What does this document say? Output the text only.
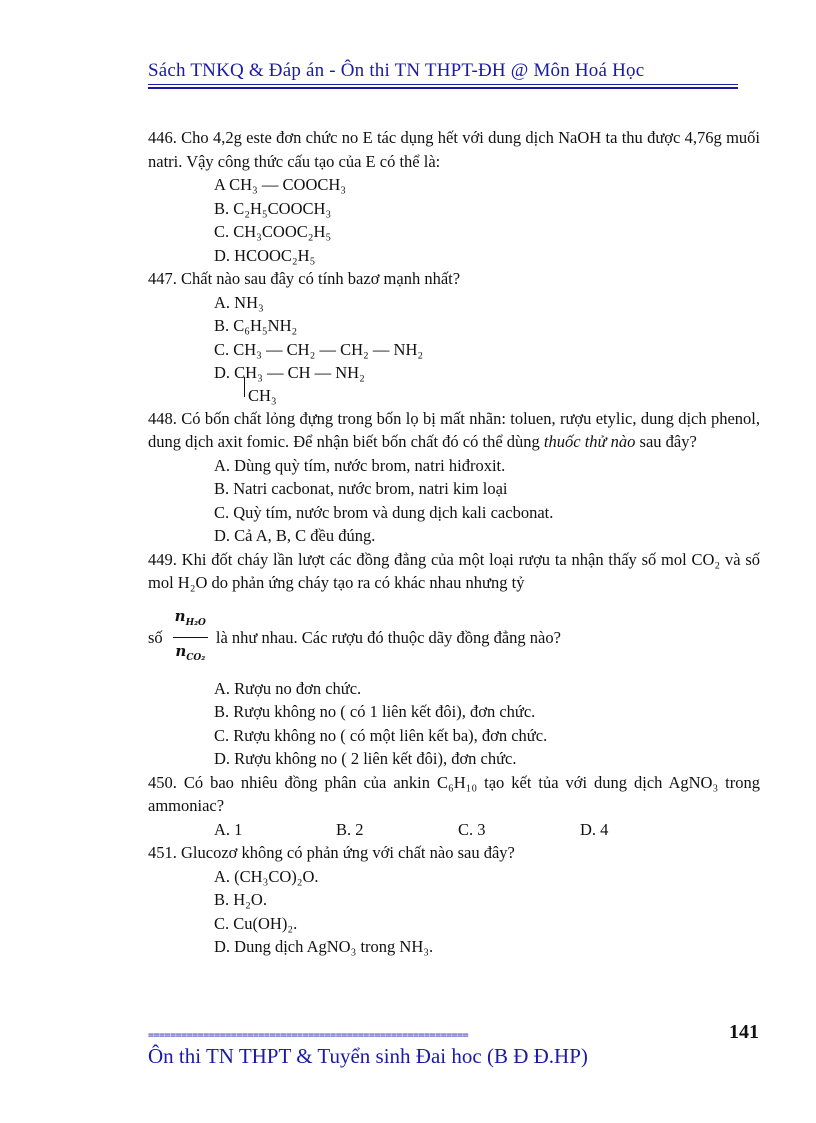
Sách TNKQ & Đáp án - Ôn thi TN THPT-ĐH @ Môn Hoá Học
446. Cho 4,2g este đơn chức no E tác dụng hết với dung dịch NaOH ta thu được 4,76g muối natri. Vậy công thức cấu tạo của E có thể là:
A CH₃ — COOCH₃
B. C₂H₅COOCH₃
C. CH₃COOC₂H₅
D. HCOOC₂H₅
447. Chất nào sau đây có tính bazơ mạnh nhất?
A. NH₃
B. C₆H₅NH₂
C. CH₃ — CH₂ — CH₂ — NH₂
D. CH₃ — CH — NH₂
CH₃
448. Có bốn chất lỏng đựng trong bốn lọ bị mất nhãn: toluen, rượu etylic, dung dịch phenol, dung dịch axit fomic. Để nhận biết bốn chất đó có thể dùng thuốc thử nào sau đây?
A. Dùng quỳ tím, nước brom, natri hiđroxit.
B. Natri cacbonat, nước brom, natri kim loại
C. Quỳ tím, nước brom và dung dịch kali cacbonat.
D. Cả A, B, C đều đúng.
449. Khi đốt cháy lần lượt các đồng đẳng của một loại rượu ta nhận thấy số mol CO₂ và số mol H₂O do phản ứng cháy tạo ra có khác nhau nhưng tỷ
số $\frac{n_{H_2O}}{n_{CO_2}}$ là như nhau. Các rượu đó thuộc dãy đồng đẳng nào?
A. Rượu no đơn chức.
B. Rượu không no ( có 1 liên kết đôi), đơn chức.
C. Rượu không no ( có một liên kết ba), đơn chức.
D. Rượu không no ( 2 liên kết đôi), đơn chức.
450. Có bao nhiêu đồng phân của ankin C₆H₁₀ tạo kết tủa với dung dịch AgNO₃ trong ammoniac?
A. 1	B. 2	C. 3	D. 4
451. Glucozơ không có phản ứng với chất nào sau đây?
A. (CH₃CO)₂O.
B. H₂O.
C. Cu(OH)₂.
D. Dung dịch AgNO₃ trong NH₃.
==========================================================	141
Ôn thi TN THPT & Tuyển sinh Đai hoc (B Đ Đ.HP)
